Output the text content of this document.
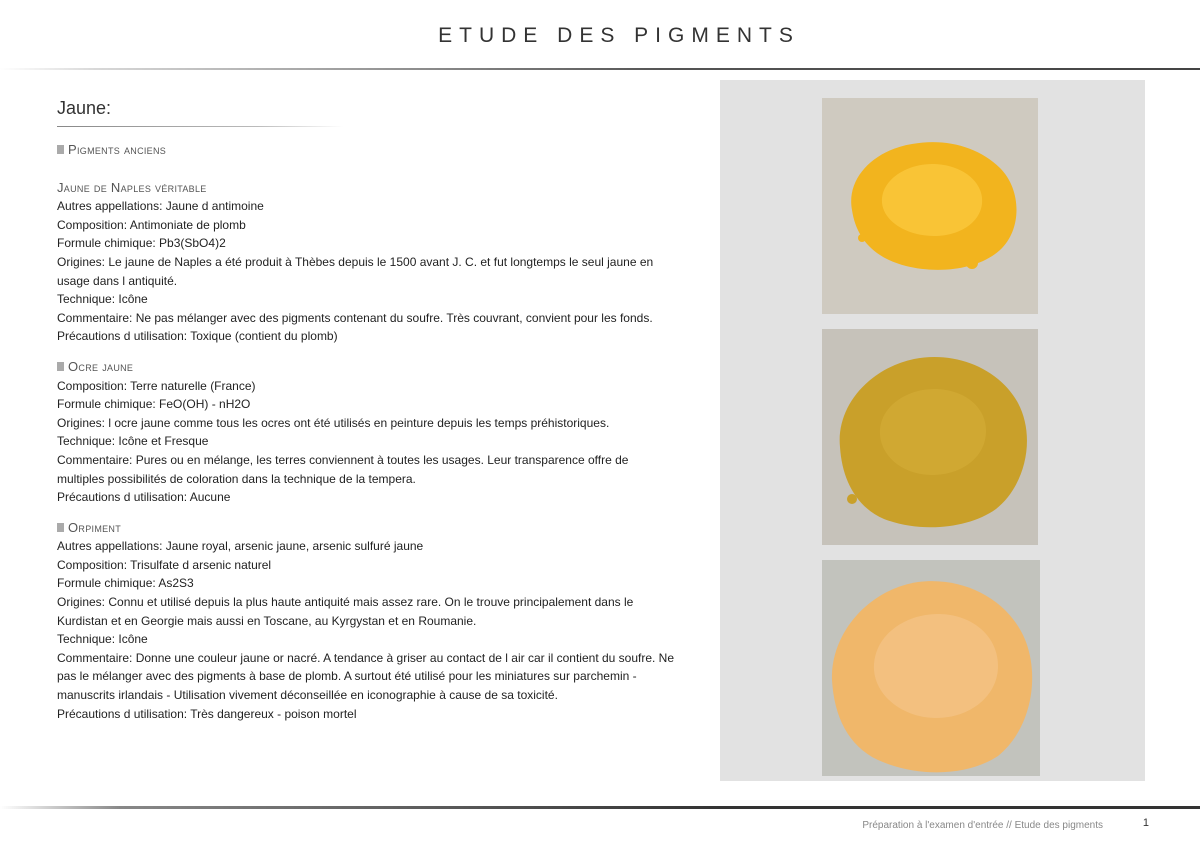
ETUDE DES PIGMENTS
Jaune:
Pigments anciens
Jaune de Naples véritable

Autres appellations: Jaune d antimoine

Composition: Antimoniate de plomb

Formule chimique: Pb3(SbO4)2

Origines: Le jaune de Naples a été produit à Thèbes depuis le 1500 avant J. C. et fut longtemps le seul jaune en usage dans l antiquité.

Technique: Icône

Commentaire: Ne pas mélanger avec des pigments contenant du soufre. Très couvrant, convient pour les fonds.

Précautions d utilisation: Toxique (contient du plomb)

Ocre jaune

Composition: Terre naturelle (France)

Formule chimique: FeO(OH) - nH2O

Origines: l ocre jaune comme tous les ocres ont été utilisés en peinture depuis les temps préhistoriques.

Technique: Icône et Fresque

Commentaire: Pures ou en mélange, les terres conviennent à toutes les usages. Leur transparence offre de multiples possibilités de coloration dans la technique de la tempera.

Précautions d utilisation: Aucune

Orpiment

Autres appellations: Jaune royal, arsenic jaune, arsenic sulfuré jaune

Composition: Trisulfate d arsenic naturel

Formule chimique: As2S3

Origines: Connu et utilisé depuis la plus haute antiquité mais assez rare. On le trouve principalement dans le Kurdistan et en Georgie mais aussi en Toscane, au Kyrgystan et en Roumanie.

Technique: Icône

Commentaire: Donne une couleur jaune or nacré. A tendance à griser au contact de l air car il contient du soufre. Ne pas le mélanger avec des pigments à base de plomb. A surtout été utilisé pour les miniatures sur parchemin - manuscrits irlandais - Utilisation vivement déconseillée en iconographie à cause de sa toxicité.

Précautions d utilisation: Très dangereux - poison mortel

Préparation à l'examen d'entrée // Etude des pigments	1
